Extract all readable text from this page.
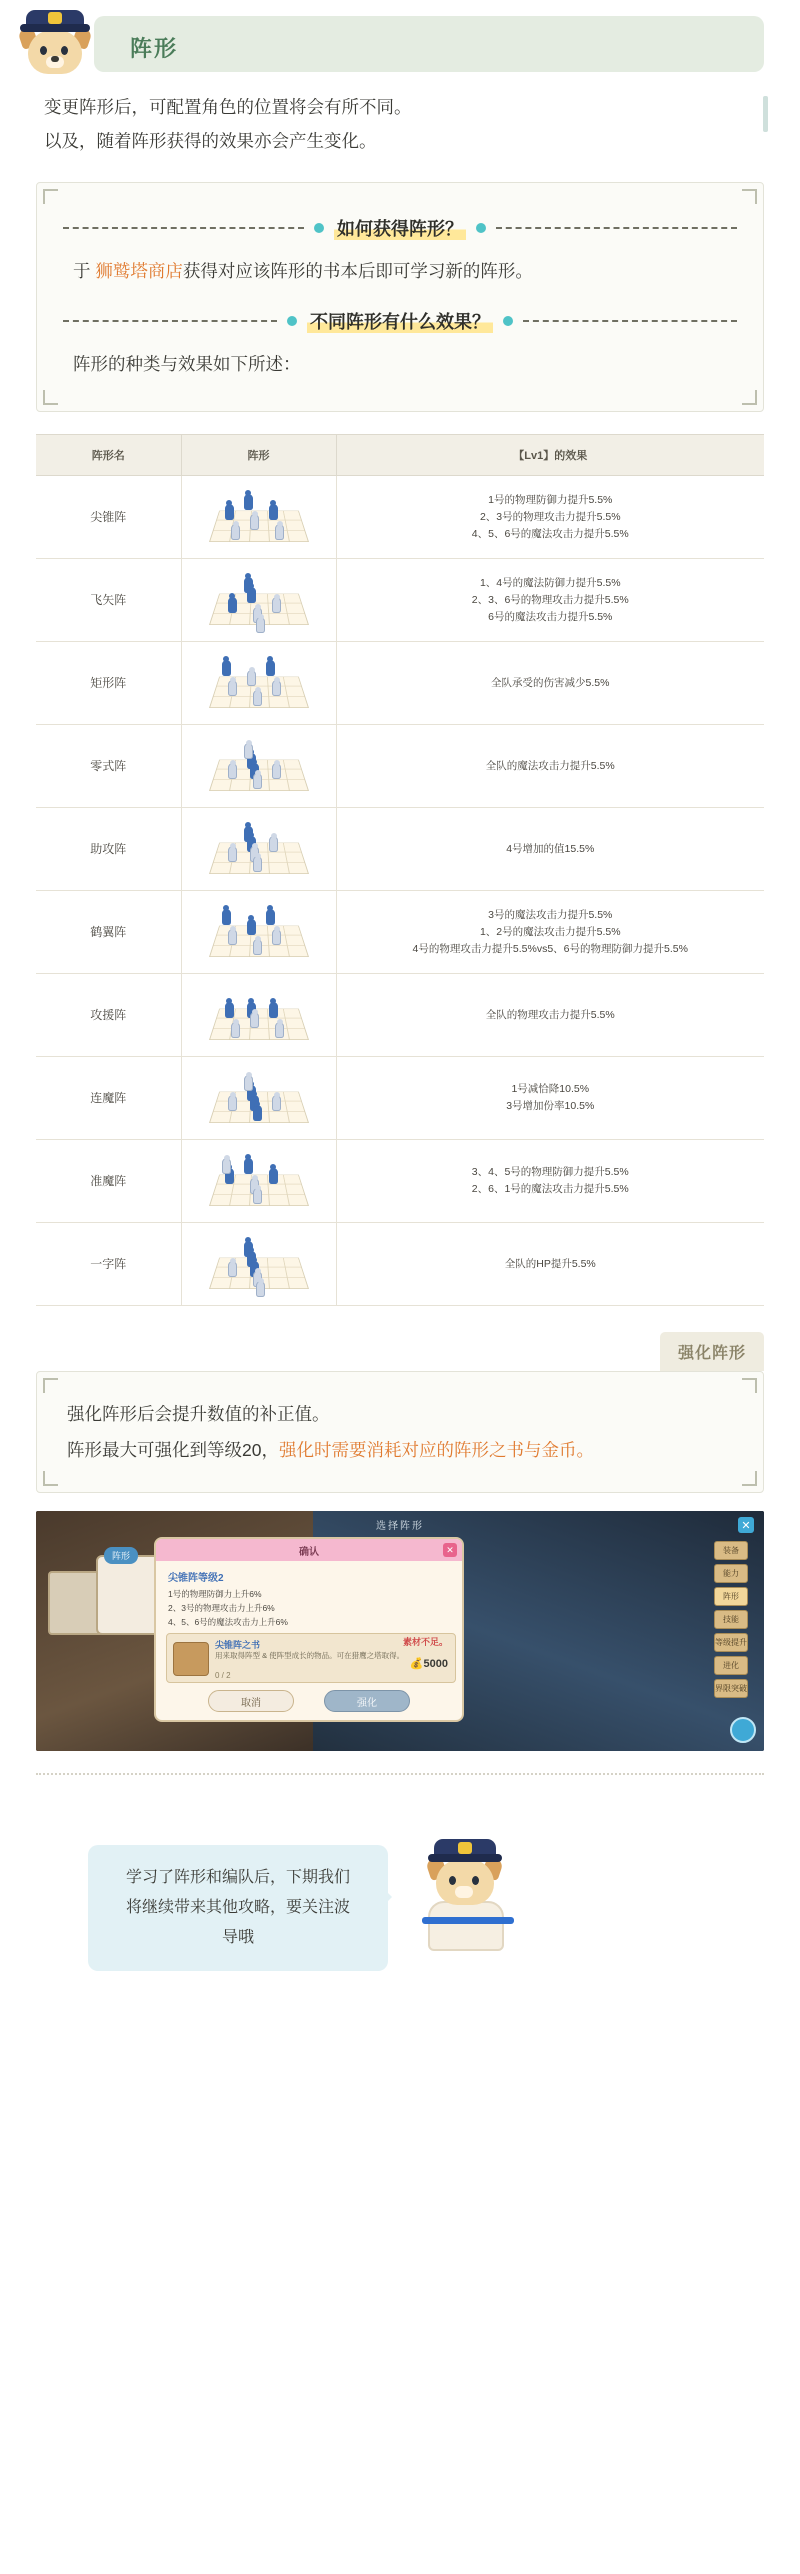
阵形
变更阵形后，可配置角色的位置将会有所不同。
以及，随着阵形获得的效果亦会产生变化。
如何获得阵形？
于 狮鹫塔商店获得对应该阵形的书本后即可学习新的阵形。
不同阵形有什么效果？
阵形的种类与效果如下所述：
阵形名	阵形	【Lv1】的效果
尖锥阵		1号的物理防御力提升5.5%
2、3号的物理攻击力提升5.5%
4、5、6号的魔法攻击力提升5.5%

飞矢阵		1、4号的魔法防御力提升5.5%
2、3、6号的物理攻击力提升5.5%
6号的魔法攻击力提升5.5%

矩形阵		全队承受的伤害减少5.5%

零式阵		全队的魔法攻击力提升5.5%

助攻阵		4号增加的值15.5%

鹤翼阵		3号的魔法攻击力提升5.5%
1、2号的魔法攻击力提升5.5%
4号的物理攻击力提升5.5%vs5、6号的物理防御力提升5.5%

攻援阵		全队的物理攻击力提升5.5%

连魔阵		1号减恰降10.5%
3号增加份率10.5%

准魔阵		3、4、5号的物理防御力提升5.5%
2、6、1号的魔法攻击力提升5.5%

一字阵		全队的HP提升5.5%
强化阵形
强化阵形后会提升数值的补正值。
阵形最大可强化到等级20，强化时需要消耗对应的阵形之书与金币。
选择阵形	✕
阵形
装备
能力
阵形
技能
等级提升
进化
界限突破
确认	✕
尖锥阵等级2
1号的物理防御力上升6%
2、3号的物理攻击力上升6%
4、5、6号的魔法攻击力上升6%
尖锥阵之书
用来取得阵型 & 使阵型成长的物品。可在猎鹰之塔取得。
0 / 2
素材不足。
💰5000
取消	强化
学习了阵形和编队后，下期我们
将继续带来其他攻略，要关注波
导哦
